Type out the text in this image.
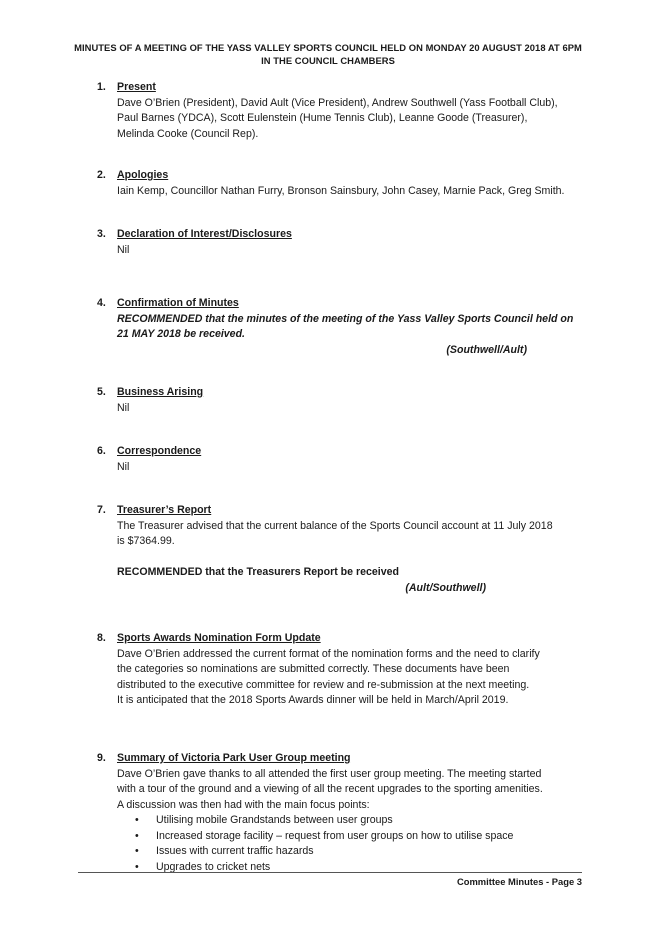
MINUTES OF A MEETING OF THE YASS VALLEY SPORTS COUNCIL HELD ON MONDAY 20 AUGUST 2018 AT 6PM
IN THE COUNCIL CHAMBERS
1. Present

Dave O’Brien (President), David Ault (Vice President), Andrew Southwell (Yass Football Club),

Paul Barnes (YDCA), Scott Eulenstein (Hume Tennis Club), Leanne Goode (Treasurer),

Melinda Cooke (Council Rep).

2. Apologies

Iain Kemp, Councillor Nathan Furry, Bronson Sainsbury, John Casey, Marnie Pack, Greg Smith.

3. Declaration of Interest/Disclosures

Nil

4. Confirmation of Minutes

RECOMMENDED that the minutes of the meeting of the Yass Valley Sports Council held on

21 MAY 2018 be received.

(Southwell/Ault)

5. Business Arising

Nil

6. Correspondence

Nil

7. Treasurer’s Report

The Treasurer advised that the current balance of the Sports Council account at 11 July 2018

is $7364.99.

RECOMMENDED that the Treasurers Report be received

(Ault/Southwell)

8. Sports Awards Nomination Form Update

Dave O’Brien addressed the current format of the nomination forms and the need to clarify

the categories so nominations are submitted correctly. These documents have been

distributed to the executive committee for review and re-submission at the next meeting.

It is anticipated that the 2018 Sports Awards dinner will be held in March/April 2019.

9. Summary of Victoria Park User Group meeting

Dave O’Brien gave thanks to all attended the first user group meeting. The meeting started

with a tour of the ground and a viewing of all the recent upgrades to the sporting amenities.

A discussion was then had with the main focus points:

• Utilising mobile Grandstands between user groups
• Increased storage facility – request from user groups on how to utilise space
• Issues with current traffic hazards
• Upgrades to cricket nets
Committee Minutes - Page 3
